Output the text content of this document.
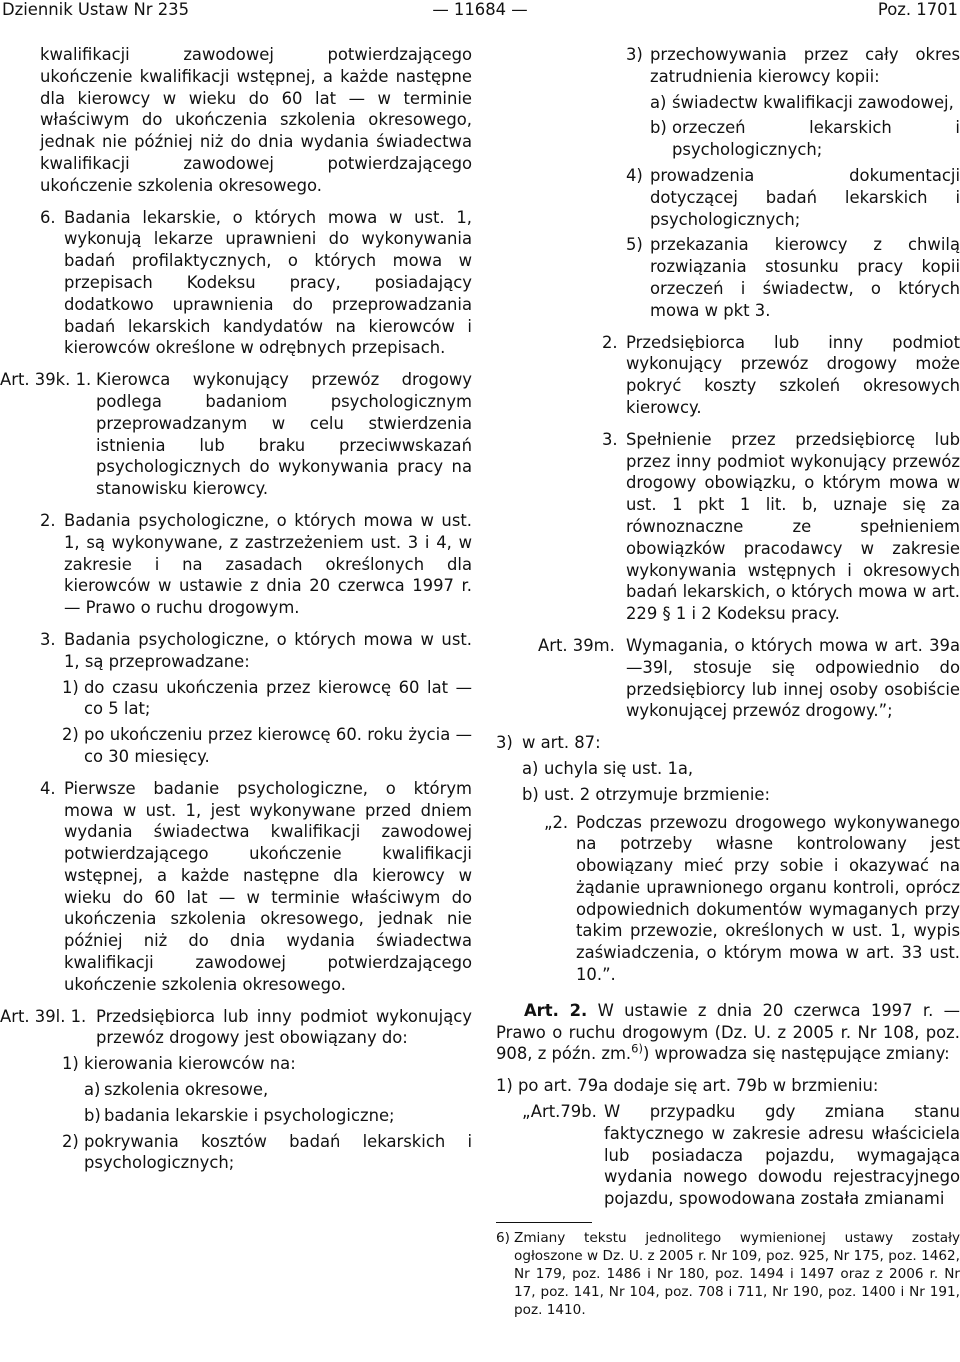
Dziennik Ustaw Nr 235	— 11684 —	Poz. 1701

kwalifikacji zawodowej potwierdzającego ukończenie kwalifikacji wstępnej, a każde następne dla kierowcy w wieku do 60 lat — w terminie właściwym do ukończenia szkolenia okresowego, jednak nie później niż do dnia wydania świadectwa kwalifikacji zawodowej potwierdzającego ukończenie szkolenia okresowego.

6. Badania lekarskie, o których mowa w ust. 1, wykonują lekarze uprawnieni do wykonywania badań profilaktycznych, o których mowa w przepisach Kodeksu pracy, posiadający dodatkowo uprawnienia do przeprowadzania badań lekarskich kandydatów na kierowców i kierowców określone w odrębnych przepisach.
Art. 39k. 1. Kierowca wykonujący przewóz drogowy podlega badaniom psychologicznym przeprowadzanym w celu stwierdzenia istnienia lub braku przeciwwskazań psychologicznych do wykonywania pracy na stanowisku kierowcy.
2. Badania psychologiczne, o których mowa w ust. 1, są wykonywane, z zastrzeżeniem ust. 3 i 4, w zakresie i na zasadach określonych dla kierowców w ustawie z dnia 20 czerwca 1997 r. — Prawo o ruchu drogowym.
3. Badania psychologiczne, o których mowa w ust. 1, są przeprowadzane:
1) do czasu ukończenia przez kierowcę 60 lat — co 5 lat;
2) po ukończeniu przez kierowcę 60. roku życia — co 30 miesięcy.
4. Pierwsze badanie psychologiczne, o którym mowa w ust. 1, jest wykonywane przed dniem wydania świadectwa kwalifikacji zawodowej potwierdzającego ukończenie kwalifikacji wstępnej, a każde następne dla kierowcy w wieku do 60 lat — w terminie właściwym do ukończenia szkolenia okresowego, jednak nie później niż do dnia wydania świadectwa kwalifikacji zawodowej potwierdzającego ukończenie szkolenia okresowego.
Art. 39l. 1. Przedsiębiorca lub inny podmiot wykonujący przewóz drogowy jest obowiązany do:
1) kierowania kierowców na:
a) szkolenia okresowe,
b) badania lekarskie i psychologiczne;
2) pokrywania kosztów badań lekarskich i psychologicznych;
3) przechowywania przez cały okres zatrudnienia kierowcy kopii:
a) świadectw kwalifikacji zawodowej,
b) orzeczeń lekarskich i psychologicznych;
4) prowadzenia dokumentacji dotyczącej badań lekarskich i psychologicznych;
5) przekazania kierowcy z chwilą rozwiązania stosunku pracy kopii orzeczeń i świadectw, o których mowa w pkt 3.
2. Przedsiębiorca lub inny podmiot wykonujący przewóz drogowy może pokryć koszty szkoleń okresowych kierowcy.
3. Spełnienie przez przedsiębiorcę lub przez inny podmiot wykonujący przewóz drogowy obowiązku, o którym mowa w ust. 1 pkt 1 lit. b, uznaje się za równoznaczne ze spełnieniem obowiązków pracodawcy w zakresie wykonywania wstępnych i okresowych badań lekarskich, o których mowa w art. 229 § 1 i 2 Kodeksu pracy.
Art. 39m. Wymagania, o których mowa w art. 39a—39l, stosuje się odpowiednio do przedsiębiorcy lub innej osoby osobiście wykonującej przewóz drogowy.”;
3) w art. 87:
a) uchyla się ust. 1a,
b) ust. 2 otrzymuje brzmienie:
„2. Podczas przewozu drogowego wykonywanego na potrzeby własne kontrolowany jest obowiązany mieć przy sobie i okazywać na żądanie uprawnionego organu kontroli, oprócz odpowiednich dokumentów wymaganych przy takim przewozie, określonych w ust. 1, wypis zaświadczenia, o którym mowa w art. 33 ust. 10.”.

Art. 2. W ustawie z dnia 20 czerwca 1997 r. — Prawo o ruchu drogowym (Dz. U. z 2005 r. Nr 108, poz. 908, z późn. zm.$^{6)}$) wprowadza się następujące zmiany:

1) po art. 79a dodaje się art. 79b w brzmieniu:
„Art.79b. W przypadku gdy zmiana stanu faktycznego w zakresie adresu właściciela lub posiadacza pojazdu, wymagająca wydania nowego dowodu rejestracyjnego pojazdu, spowodowana została zmianami
6) Zmiany tekstu jednolitego wymienionej ustawy zostały ogłoszone w Dz. U. z 2005 r. Nr 109, poz. 925, Nr 175, poz. 1462, Nr 179, poz. 1486 i Nr 180, poz. 1494 i 1497 oraz z 2006 r. Nr 17, poz. 141, Nr 104, poz. 708 i 711, Nr 190, poz. 1400 i Nr 191, poz. 1410.
